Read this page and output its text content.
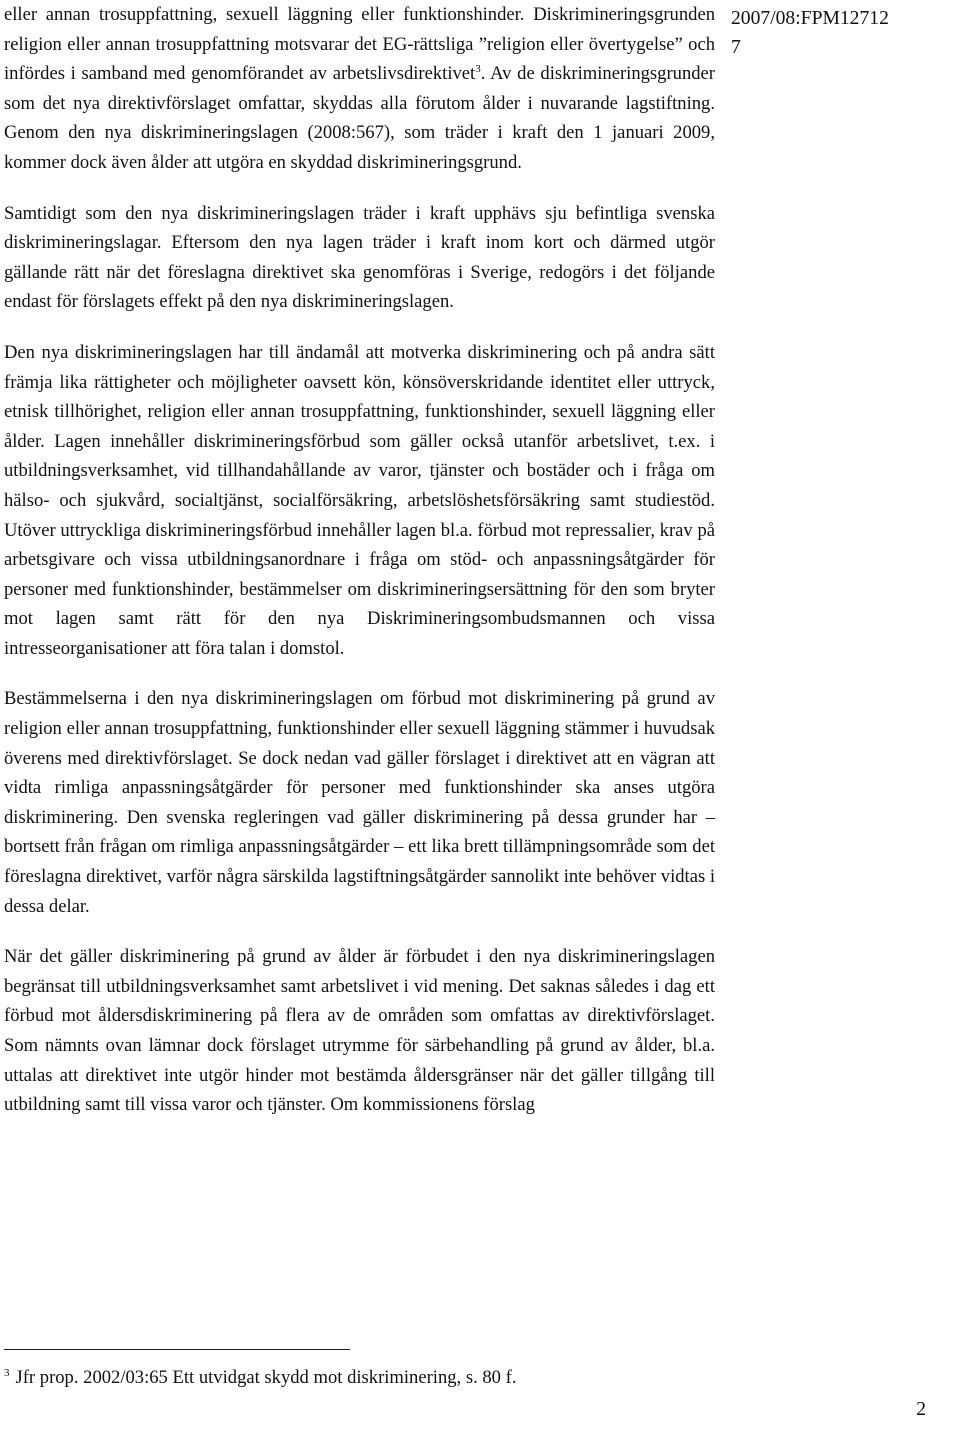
2007/08:FPM12712
7

eller annan trosuppfattning, sexuell läggning eller funktionshinder. Diskrimineringsgrunden religion eller annan trosuppfattning motsvarar det EG-rättsliga ”religion eller övertygelse” och infördes i samband med genomförandet av arbetslivsdirektivet$^3$. Av de diskrimineringsgrunder som det nya direktivförslaget omfattar, skyddas alla förutom ålder i nuvarande lagstiftning. Genom den nya diskrimineringslagen (2008:567), som träder i kraft den 1 januari 2009, kommer dock även ålder att utgöra en skyddad diskrimineringsgrund.

Samtidigt som den nya diskrimineringslagen träder i kraft upphävs sju befintliga svenska diskrimineringslagar. Eftersom den nya lagen träder i kraft inom kort och därmed utgör gällande rätt när det föreslagna direktivet ska genomföras i Sverige, redogörs i det följande endast för förslagets effekt på den nya diskrimineringslagen.

Den nya diskrimineringslagen har till ändamål att motverka diskriminering och på andra sätt främja lika rättigheter och möjligheter oavsett kön, könsöverskridande identitet eller uttryck, etnisk tillhörighet, religion eller annan trosuppfattning, funktionshinder, sexuell läggning eller ålder. Lagen innehåller diskrimineringsförbud som gäller också utanför arbetslivet, t.ex. i utbildningsverksamhet, vid tillhandahållande av varor, tjänster och bostäder och i fråga om hälso- och sjukvård, socialtjänst, socialförsäkring, arbetslöshetsförsäkring samt studiestöd. Utöver uttryckliga diskrimineringsförbud innehåller lagen bl.a. förbud mot repressalier, krav på arbetsgivare och vissa utbildningsanordnare i fråga om stöd- och anpassningsåtgärder för personer med funktionshinder, bestämmelser om diskrimineringsersättning för den som bryter mot lagen samt rätt för den nya Diskrimineringsombudsmannen och vissa intresseorganisationer att föra talan i domstol.

Bestämmelserna i den nya diskrimineringslagen om förbud mot diskriminering på grund av religion eller annan trosuppfattning, funktionshinder eller sexuell läggning stämmer i huvudsak överens med direktivförslaget. Se dock nedan vad gäller förslaget i direktivet att en vägran att vidta rimliga anpassningsåtgärder för personer med funktionshinder ska anses utgöra diskriminering. Den svenska regleringen vad gäller diskriminering på dessa grunder har – bortsett från frågan om rimliga anpassningsåtgärder – ett lika brett tillämpningsområde som det föreslagna direktivet, varför några särskilda lagstiftningsåtgärder sannolikt inte behöver vidtas i dessa delar.

När det gäller diskriminering på grund av ålder är förbudet i den nya diskrimineringslagen begränsat till utbildningsverksamhet samt arbetslivet i vid mening. Det saknas således i dag ett förbud mot åldersdiskriminering på flera av de områden som omfattas av direktivförslaget. Som nämnts ovan lämnar dock förslaget utrymme för särbehandling på grund av ålder, bl.a. uttalas att direktivet inte utgör hinder mot bestämda åldersgränser när det gäller tillgång till utbildning samt till vissa varor och tjänster. Om kommissionens förslag

$^3$ Jfr prop. 2002/03:65 Ett utvidgat skydd mot diskriminering, s. 80 f.
2
